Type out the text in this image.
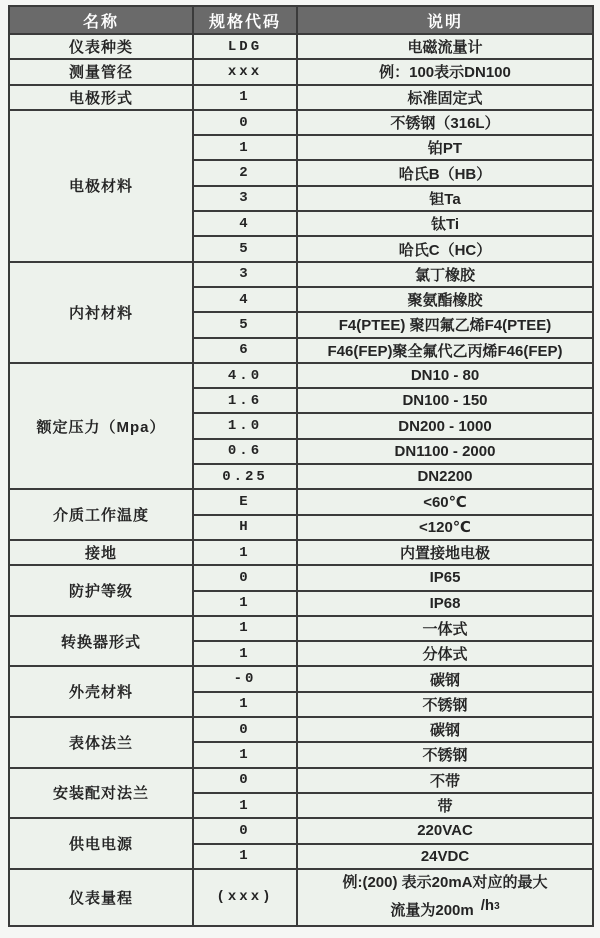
名称	规格代码	说明
仪表种类	LDG	电磁流量计
测量管径	xxx	例：100表示DN100
电极形式	1	标准固定式
电极材料	0	不锈钢（316L）
	1	铂PT
	2	哈氏B（HB）
	3	钽Ta
	4	钛Ti
	5	哈氏C（HC）
内衬材料	3	氯丁橡胶
	4	聚氨酯橡胶
	5	F4(PTEE) 聚四氟乙烯F4(PTEE)
	6	F46(FEP)聚全氟代乙丙烯F46(FEP)
额定压力（Mpa）	4.0	DN10 - 80
	1.6	DN100 - 150
	1.0	DN200 - 1000
	0.6	DN1100 - 2000
	0.25	DN2200
介质工作温度	E	<60℃
	H	<120℃
接地	1	内置接地电极
防护等级	0	IP65
	1	IP68
转换器形式	1	一体式
	1	分体式
外壳材料	-0	碳钢
	1	不锈钢
表体法兰	0	碳钢
	1	不锈钢
安装配对法兰	0	不带
	1	带
供电电源	0	220VAC
	1	24VDC
仪表量程	(xxx)	例:(200) 表示20mA对应的最大
流量为200m $/h^3$
